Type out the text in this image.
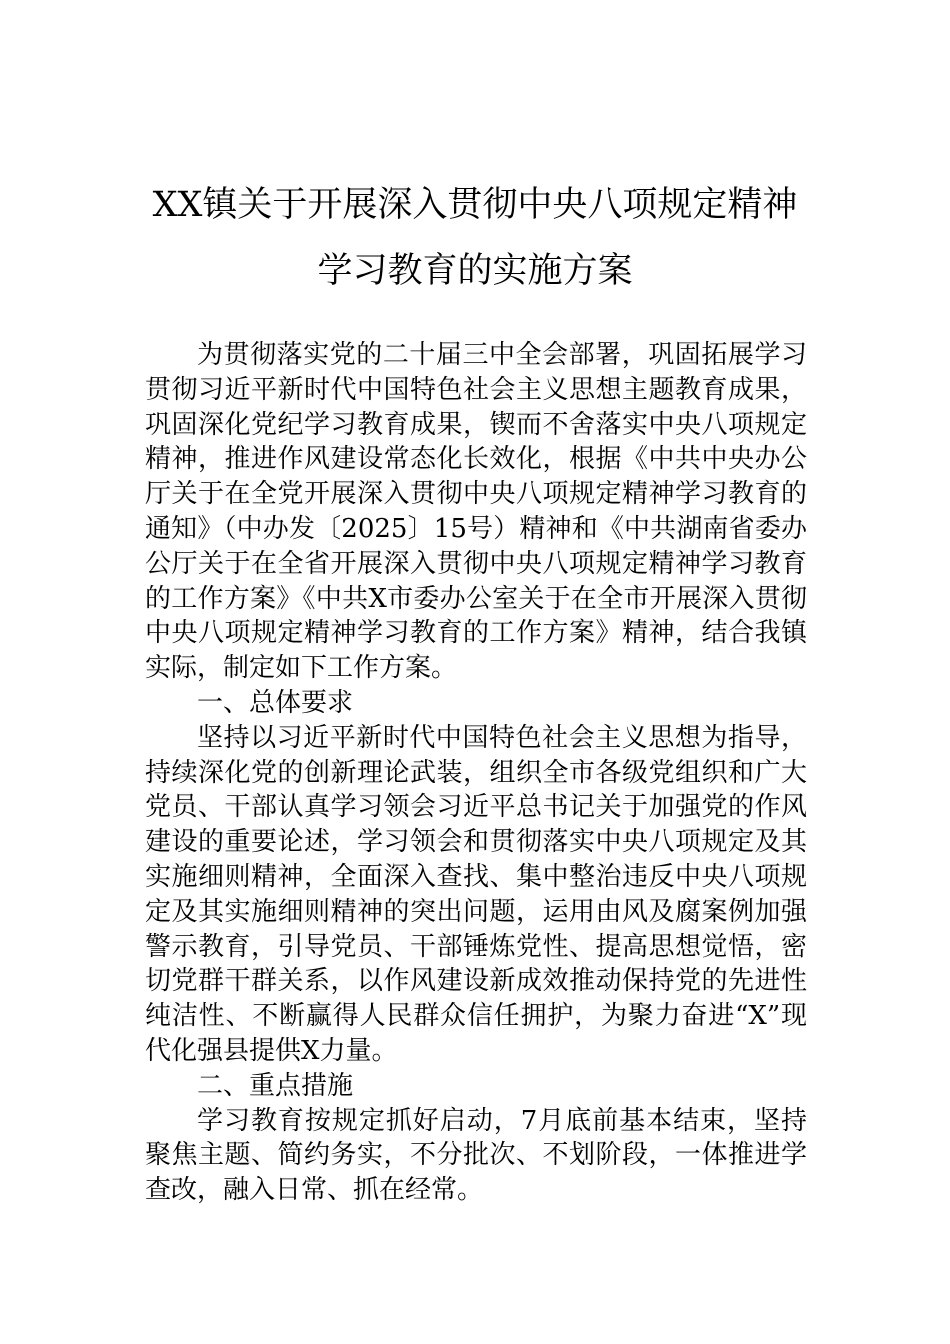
XX镇关于开展深入贯彻中央八项规定精神
学习教育的实施方案

为贯彻落实党的二十届三中全会部署，巩固拓展学习贯彻习近平新时代中国特色社会主义思想主题教育成果，巩固深化党纪学习教育成果，锲而不舍落实中央八项规定精神，推进作风建设常态化长效化，根据《中共中央办公厅关于在全党开展深入贯彻中央八项规定精神学习教育的通知》（中办发〔2025〕15号）精神和《中共湖南省委办公厅关于在全省开展深入贯彻中央八项规定精神学习教育的工作方案》《中共X市委办公室关于在全市开展深入贯彻中央八项规定精神学习教育的工作方案》精神，结合我镇实际，制定如下工作方案。

一、总体要求

坚持以习近平新时代中国特色社会主义思想为指导，持续深化党的创新理论武装，组织全市各级党组织和广大党员、干部认真学习领会习近平总书记关于加强党的作风建设的重要论述，学习领会和贯彻落实中央八项规定及其实施细则精神，全面深入查找、集中整治违反中央八项规定及其实施细则精神的突出问题，运用由风及腐案例加强警示教育，引导党员、干部锤炼党性、提高思想觉悟，密切党群干群关系，以作风建设新成效推动保持党的先进性纯洁性、不断赢得人民群众信任拥护，为聚力奋进“X”现代化强县提供X力量。

二、重点措施

学习教育按规定抓好启动，7月底前基本结束，坚持聚焦主题、简约务实，不分批次、不划阶段，一体推进学查改，融入日常、抓在经常。
